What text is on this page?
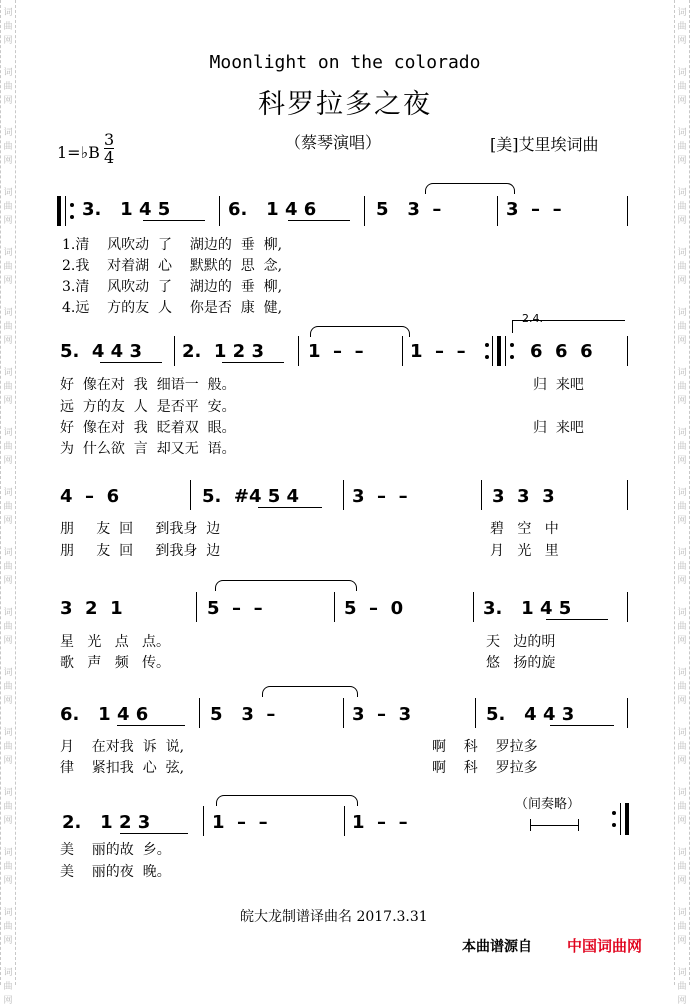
词
曲
网
词
曲
网
词
曲
网
词
曲
网
词
曲
网
词
曲
网
词
曲
网
词
曲
网
词
曲
网
词
曲
网
词
曲
网
词
曲
网
词
曲
网
词
曲
网
词
曲
网
词
曲
网
词
曲
网
词
曲
网
词
曲
网
词
曲
网
词
曲
网
词
曲
网
词
曲
网
词
曲
网
词
曲
网
词
曲
网
词
曲
网
词
曲
网
词
曲
网
词
曲
网
词
曲
网
词
曲
网
词
曲
网
词
曲
网
Moonlight on the colorado
科罗拉多之夜
（蔡琴演唱）	[美]艾里埃词曲
1=♭B $\frac{3}{4}$
3.   1 4 5	6.   1 4 6	5   3  –	3  –  –
1.清    风吹动  了    湖边的  垂  柳,
2.我    对着湖  心    默默的  思  念,
3.清    风吹动  了    湖边的  垂  柳,
4.远    方的友  人    你是否  康  健,
5.  4 4 3 2.  1 2 3 1  –  –	1  –  –	6  6  6
2.4.
好  像在对  我  细语一  般。
远  方的友  人  是否平  安。
好  像在对  我  眨着双  眼。
为  什么欲  言  却又无  语。
归  来吧
归  来吧
4  –  6	5.  #4 5 4	3  –  –	3  3  3
朋     友  回     到我身  边
朋     友  回     到我身  边
碧   空   中
月   光   里
3  2  1	5  –  –	5  –  0	3.   1 4 5
星   光   点   点。
歌   声   频   传。
天   边的明
悠   扬的旋
6.   1 4 6	5   3  –	3  –  3	5.   4 4 3
月    在对我  诉  说,
律    紧扣我  心  弦,
啊    科    罗拉多
啊    科    罗拉多
2.   1 2 3	1  –  –	1  –  –
（间奏略）
美    丽的故  乡。
美    丽的夜  晚。
皖大龙制谱译曲名 2017.3.31
本曲谱源自 中国词曲网
